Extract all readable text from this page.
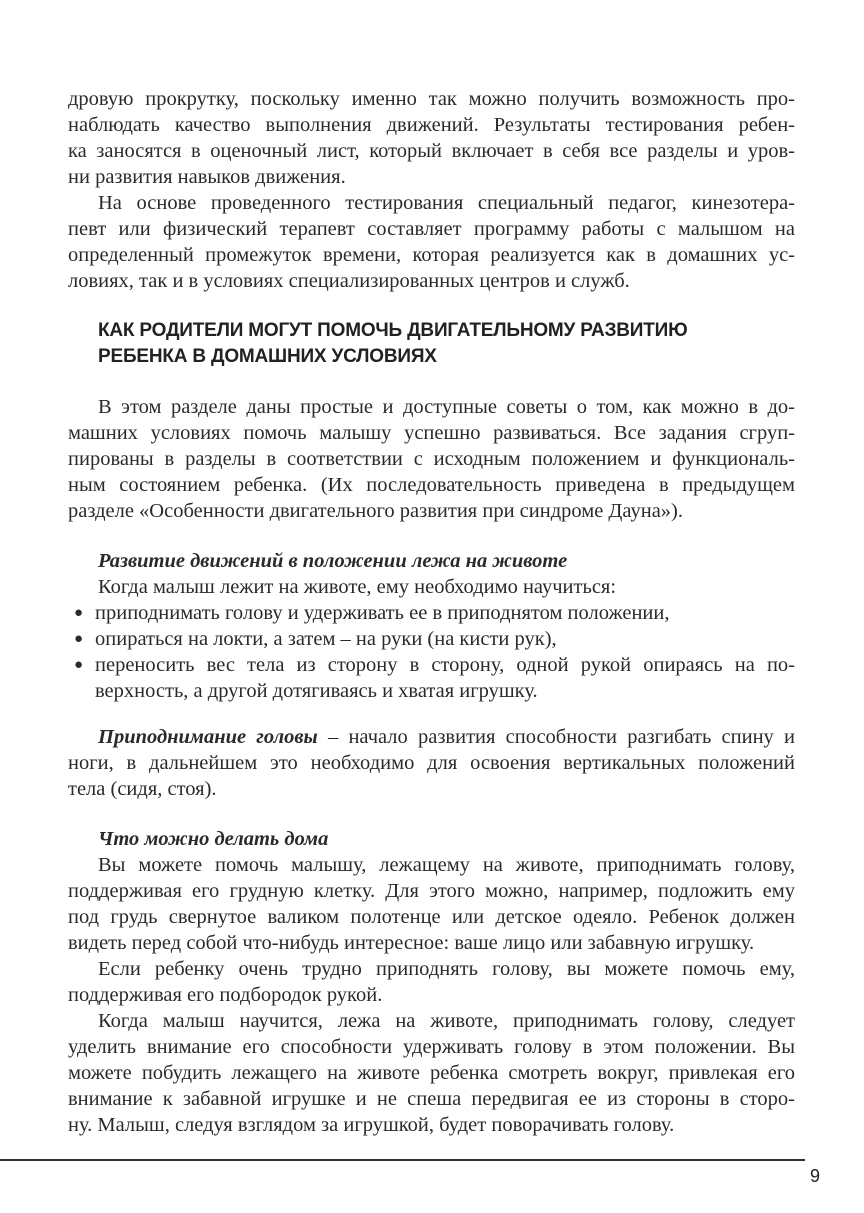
дровую прокрутку, поскольку именно так можно получить возможность про-
наблюдать качество выполнения движений. Результаты тестирования ребен-
ка заносятся в оценочный лист, который включает в себя все разделы и уров-
ни развития навыков движения.
На основе проведенного тестирования специальный педагог, кинезотера-
певт или физический терапевт составляет программу работы с малышом на
определенный промежуток времени, которая реализуется как в домашних ус-
ловиях, так и в условиях специализированных центров и служб.
КАК РОДИТЕЛИ МОГУТ ПОМОЧЬ ДВИГАТЕЛЬНОМУ РАЗВИТИЮ
РЕБЕНКА В ДОМАШНИХ УСЛОВИЯХ
В этом разделе даны простые и доступные советы о том, как можно в до-
машних условиях помочь малышу успешно развиваться. Все задания сгруп-
пированы в разделы в соответствии с исходным положением и функциональ-
ным состоянием ребенка. (Их последовательность приведена в предыдущем
разделе «Особенности двигательного развития при синдроме Дауна»).
Развитие движений в положении лежа на животе
Когда малыш лежит на животе, ему необходимо научиться:
● приподнимать голову и удерживать ее в приподнятом положении,
● опираться на локти, а затем – на руки (на кисти рук),
● переносить вес тела из сторону в сторону, одной рукой опираясь на по-
верхность, а другой дотягиваясь и хватая игрушку.
Приподнимание головы – начало развития способности разгибать спину и
ноги, в дальнейшем это необходимо для освоения вертикальных положений
тела (сидя, стоя).
Что можно делать дома
Вы можете помочь малышу, лежащему на животе, приподнимать голову,
поддерживая его грудную клетку. Для этого можно, например, подложить ему
под грудь свернутое валиком полотенце или детское одеяло. Ребенок должен
видеть перед собой что-нибудь интересное: ваше лицо или забавную игрушку.
Если ребенку очень трудно приподнять голову, вы можете помочь ему,
поддерживая его подбородок рукой.
Когда малыш научится, лежа на животе, приподнимать голову, следует
уделить внимание его способности удерживать голову в этом положении. Вы
можете побудить лежащего на животе ребенка смотреть вокруг, привлекая его
внимание к забавной игрушке и не спеша передвигая ее из стороны в сторо-
ну. Малыш, следуя взглядом за игрушкой, будет поворачивать голову.
9
